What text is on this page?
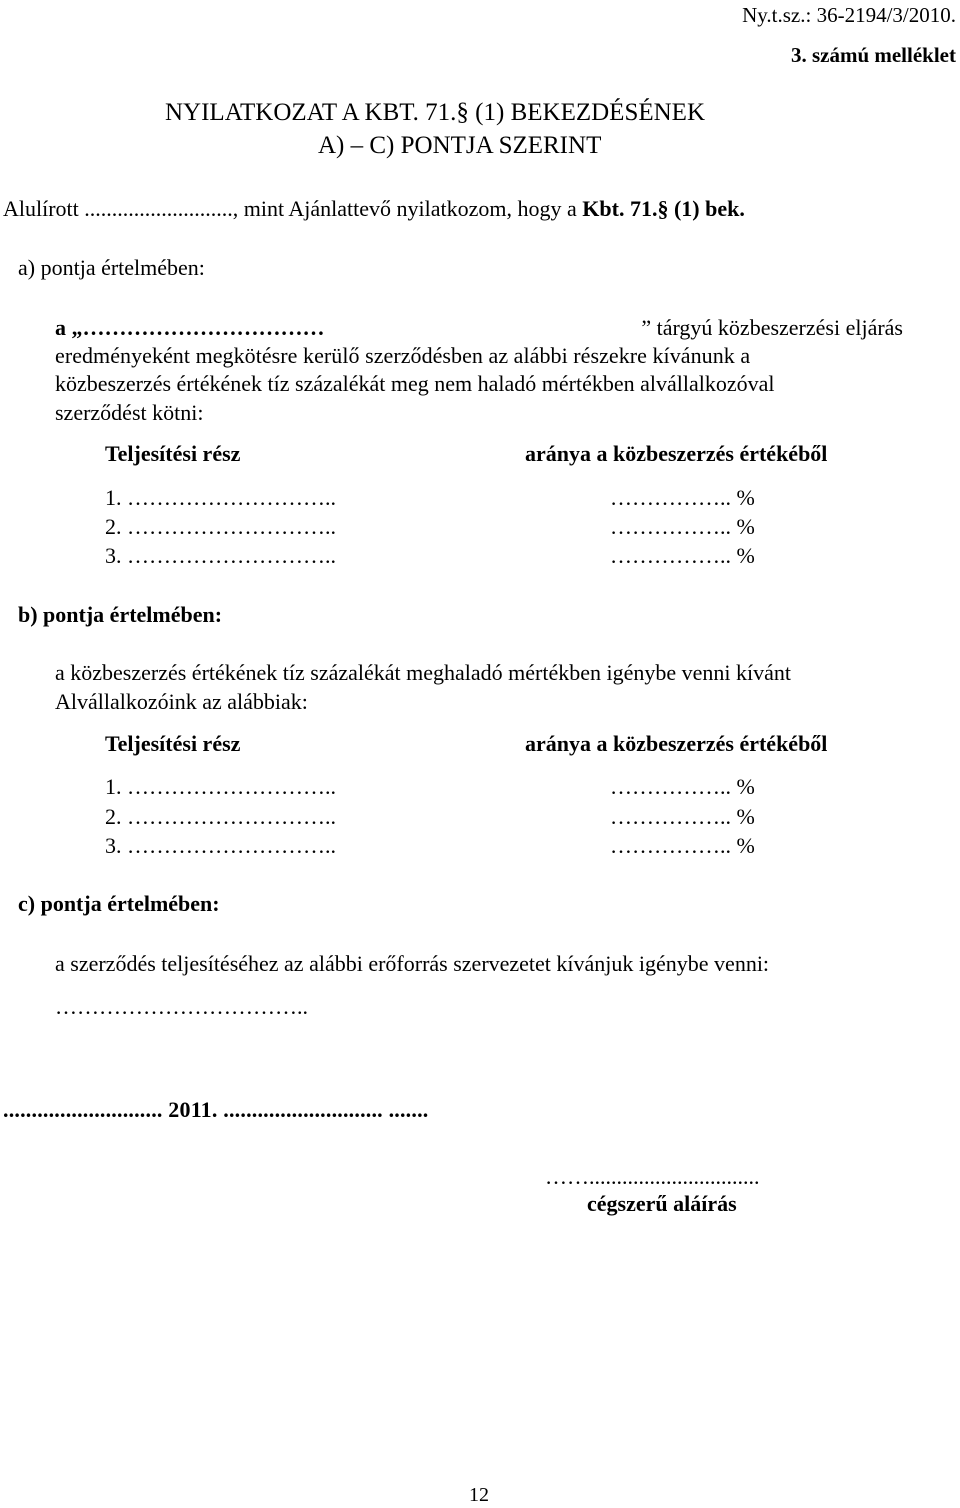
Ny.t.sz.: 36-2194/3/2010.
3. számú melléklet
NYILATKOZAT A KBT. 71.§ (1) BEKEZDÉSÉNEK
A) – C) PONTJA SZERINT
Alulírott ..........................., mint Ajánlattevő nyilatkozom, hogy a Kbt. 71.§ (1) bek.
a) pontja értelmében:
a „……………………………	” tárgyú közbeszerzési eljárás
eredményeként megkötésre kerülő szerződésben az alábbi részekre kívánunk a
közbeszerzés értékének tíz százalékát meg nem haladó mértékben alvállalkozóval
szerződést kötni:
Teljesítési rész	aránya a közbeszerzés értékéből
1. ………………………..	…………….. %
2. ………………………..	…………….. %
3. ………………………..	…………….. %
b) pontja értelmében:
a közbeszerzés értékének tíz százalékát meghaladó mértékben igénybe venni kívánt
Alvállalkozóink az alábbiak:
Teljesítési rész	aránya a közbeszerzés értékéből
1. ………………………..	…………….. %
2. ………………………..	…………….. %
3. ………………………..	…………….. %
c) pontja értelmében:
a szerződés teljesítéséhez az alábbi erőforrás szervezetet kívánjuk igénybe venni:
……………………………..
............................ 2011. ............................ .......
……...............................
cégszerű aláírás
12
